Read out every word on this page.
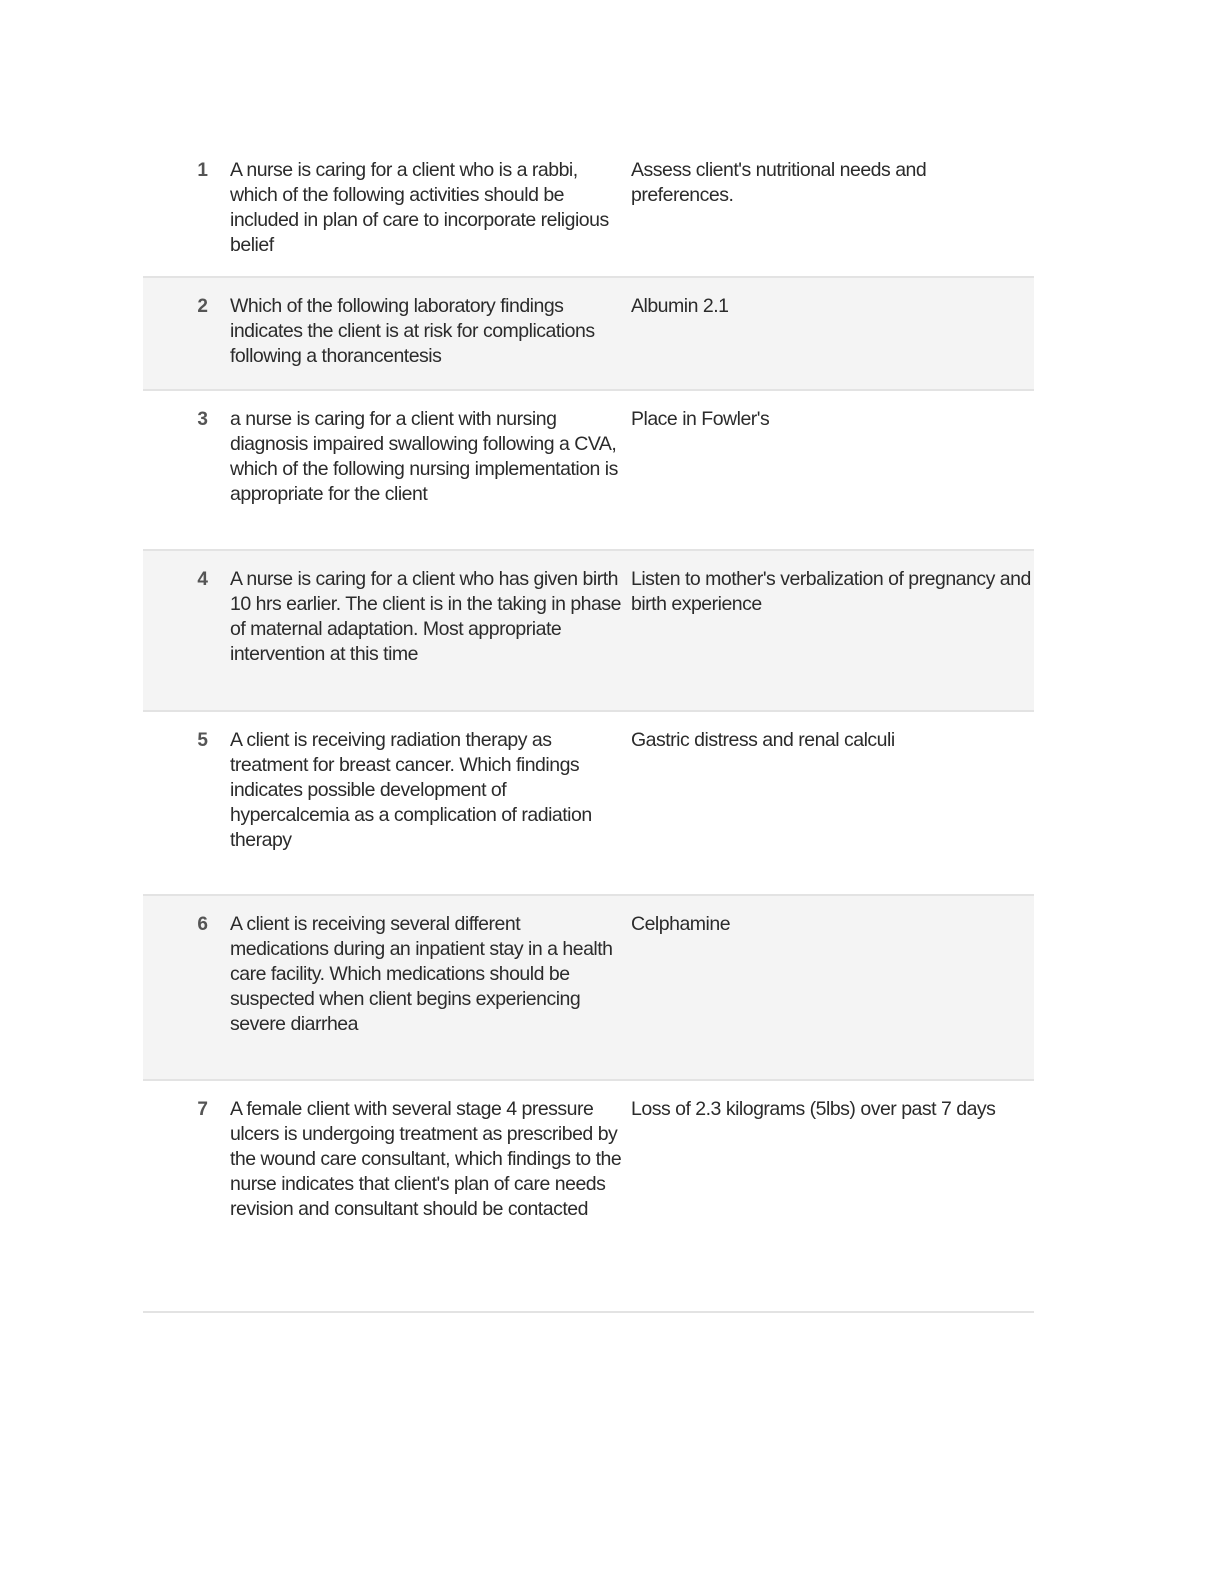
1 A nurse is caring for a client who is a rabbi, which of the following activities should be included in plan of care to incorporate religious belief
Assess client's nutritional needs and preferences.
2 Which of the following laboratory findings indicates the client is at risk for complications following a thorancentesis
Albumin 2.1
3 a nurse is caring for a client with nursing diagnosis impaired swallowing following a CVA, which of the following nursing implementation is appropriate for the client
Place in Fowler's
4 A nurse is caring for a client who has given birth 10 hrs earlier. The client is in the taking in phase of maternal adaptation. Most appropriate intervention at this time
Listen to mother's verbalization of pregnancy and birth experience
5 A client is receiving radiation therapy as treatment for breast cancer. Which findings indicates possible development of hypercalcemia as a complication of radiation therapy
Gastric distress and renal calculi
6 A client is receiving several different medications during an inpatient stay in a health care facility. Which medications should be suspected when client begins experiencing severe diarrhea
Celphamine
7 A female client with several stage 4 pressure ulcers is undergoing treatment as prescribed by the wound care consultant, which findings to the nurse indicates that client's plan of care needs revision and consultant should be contacted
Loss of 2.3 kilograms (5lbs) over past 7 days
